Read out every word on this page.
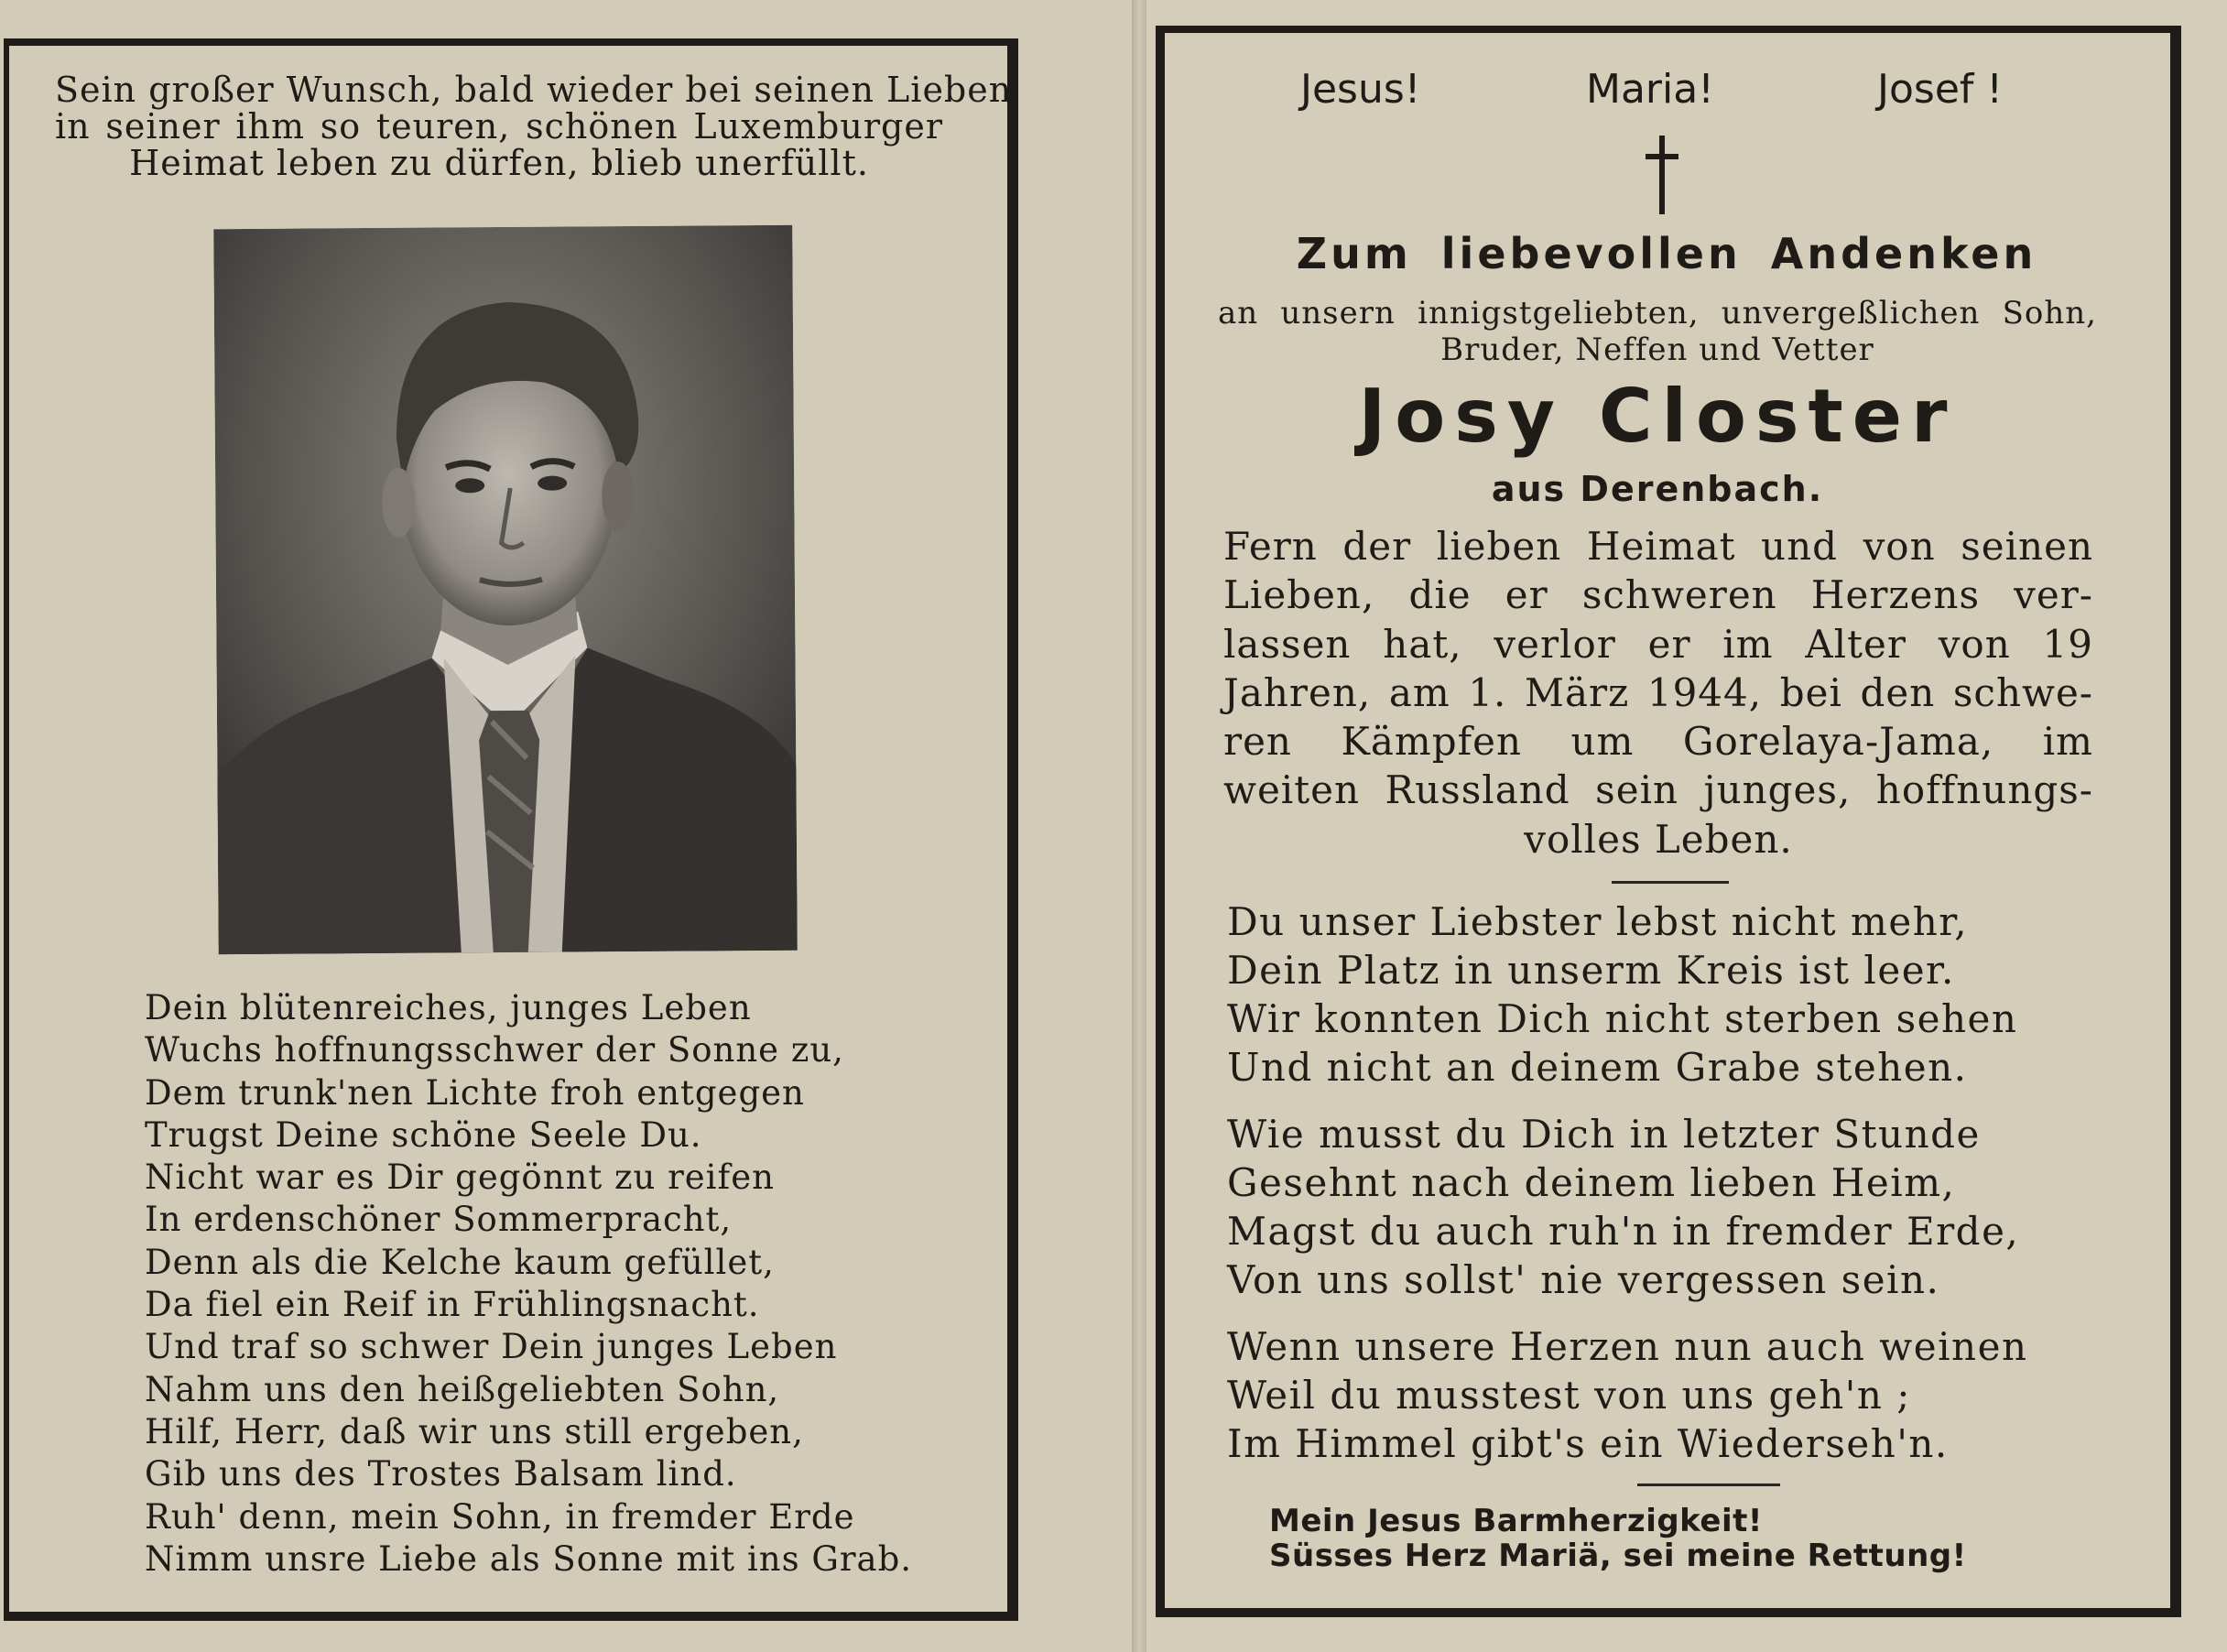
Sein großer Wunsch, bald wieder bei seinen Lieben
in seiner ihm so teuren, schönen Luxemburger
Heimat leben zu dürfen, blieb unerfüllt.
Dein blütenreiches, junges Leben
Wuchs hoffnungsschwer der Sonne zu,
Dem trunk'nen Lichte froh entgegen
Trugst Deine schöne Seele Du.
Nicht war es Dir gegönnt zu reifen
In erdenschöner Sommerpracht,
Denn als die Kelche kaum gefüllet,
Da fiel ein Reif in Frühlingsnacht.
Und traf so schwer Dein junges Leben
Nahm uns den heißgeliebten Sohn,
Hilf, Herr, daß wir uns still ergeben,
Gib uns des Trostes Balsam lind.
Ruh' denn, mein Sohn, in fremder Erde
Nimm unsre Liebe als Sonne mit ins Grab.
Jesus!	Maria!	Josef !
Zum liebevollen Andenken
an unsern innigstgeliebten, unvergeßlichen Sohn,
Bruder, Neffen und Vetter
Josy Closter
aus Derenbach.
Fern der lieben Heimat und von seinen
Lieben, die er schweren Herzens ver-
lassen hat, verlor er im Alter von 19
Jahren, am 1. März 1944, bei den schwe-
ren Kämpfen um Gorelaya-Jama, im
weiten Russland sein junges, hoffnungs-
volles Leben.
Du unser Liebster lebst nicht mehr,
Dein Platz in unserm Kreis ist leer.
Wir konnten Dich nicht sterben sehen
Und nicht an deinem Grabe stehen.
Wie musst du Dich in letzter Stunde
Gesehnt nach deinem lieben Heim,
Magst du auch ruh'n in fremder Erde,
Von uns sollst' nie vergessen sein.
Wenn unsere Herzen nun auch weinen
Weil du musstest von uns geh'n ;
Im Himmel gibt's ein Wiederseh'n.
Mein Jesus Barmherzigkeit!
Süsses Herz Mariä, sei meine Rettung!
